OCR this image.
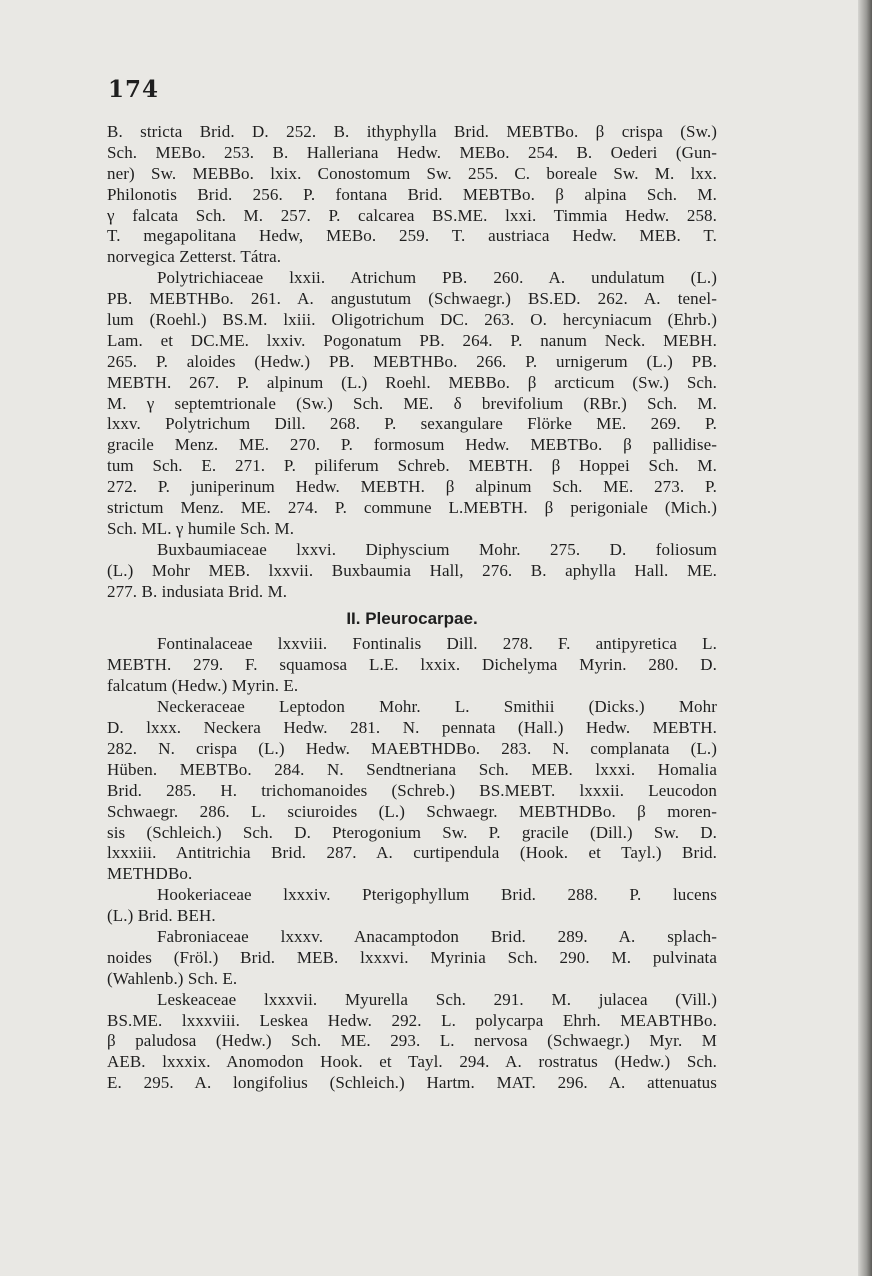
174
B. stricta Brid. D. 252. B. ithyphylla Brid. MEBTBo. β crispa (Sw.)
Sch. MEBo. 253. B. Halleriana Hedw. MEBo. 254. B. Oederi (Gun-
ner) Sw. MEBBo. lxix. Conostomum Sw. 255. C. boreale Sw. M. lxx.
Philonotis Brid. 256. P. fontana Brid. MEBTBo. β alpina Sch. M.
γ falcata Sch. M. 257. P. calcarea BS.ME. lxxi. Timmia Hedw. 258.
T. megapolitana Hedw, MEBo. 259. T. austriaca Hedw. MEB. T.
norvegica Zetterst. Tátra.
Polytrichiaceae lxxii. Atrichum PB. 260. A. undulatum (L.)
PB. MEBTHBo. 261. A. angustutum (Schwaegr.) BS.ED. 262. A. tenel-
lum (Roehl.) BS.M. lxiii. Oligotrichum DC. 263. O. hercyniacum (Ehrb.)
Lam. et DC.ME. lxxiv. Pogonatum PB. 264. P. nanum Neck. MEBH.
265. P. aloides (Hedw.) PB. MEBTHBo. 266. P. urnigerum (L.) PB.
MEBTH. 267. P. alpinum (L.) Roehl. MEBBo. β arcticum (Sw.) Sch.
M. γ septemtrionale (Sw.) Sch. ME. δ brevifolium (RBr.) Sch. M.
lxxv. Polytrichum Dill. 268. P. sexangulare Flörke ME. 269. P.
gracile Menz. ME. 270. P. formosum Hedw. MEBTBo. β pallidise-
tum Sch. E. 271. P. piliferum Schreb. MEBTH. β Hoppei Sch. M.
272. P. juniperinum Hedw. MEBTH. β alpinum Sch. ME. 273. P.
strictum Menz. ME. 274. P. commune L.MEBTH. β perigoniale (Mich.)
Sch. ML. γ humile Sch. M.
Buxbaumiaceae lxxvi. Diphyscium Mohr. 275. D. foliosum
(L.) Mohr MEB. lxxvii. Buxbaumia Hall, 276. B. aphylla Hall. ME.
277. B. indusiata Brid. M.
II. Pleurocarpae.
Fontinalaceae lxxviii. Fontinalis Dill. 278. F. antipyretica L.
MEBTH. 279. F. squamosa L.E. lxxix. Dichelyma Myrin. 280. D.
falcatum (Hedw.) Myrin. E.
Neckeraceae Leptodon Mohr. L. Smithii (Dicks.) Mohr
D. lxxx. Neckera Hedw. 281. N. pennata (Hall.) Hedw. MEBTH.
282. N. crispa (L.) Hedw. MAEBTHDBo. 283. N. complanata (L.)
Hüben. MEBTBo. 284. N. Sendtneriana Sch. MEB. lxxxi. Homalia
Brid. 285. H. trichomanoides (Schreb.) BS.MEBT. lxxxii. Leucodon
Schwaegr. 286. L. sciuroides (L.) Schwaegr. MEBTHDBo. β moren-
sis (Schleich.) Sch. D. Pterogonium Sw. P. gracile (Dill.) Sw. D.
lxxxiii. Antitrichia Brid. 287. A. curtipendula (Hook. et Tayl.) Brid.
METHDBo.
Hookeriaceae lxxxiv. Pterigophyllum Brid. 288. P. lucens
(L.) Brid. BEH.
Fabroniaceae lxxxv. Anacamptodon Brid. 289. A. splach-
noides (Fröl.) Brid. MEB. lxxxvi. Myrinia Sch. 290. M. pulvinata
(Wahlenb.) Sch. E.
Leskeaceae lxxxvii. Myurella Sch. 291. M. julacea (Vill.)
BS.ME. lxxxviii. Leskea Hedw. 292. L. polycarpa Ehrh. MEABTHBo.
β paludosa (Hedw.) Sch. ME. 293. L. nervosa (Schwaegr.) Myr. M
AEB. lxxxix. Anomodon Hook. et Tayl. 294. A. rostratus (Hedw.) Sch.
E. 295. A. longifolius (Schleich.) Hartm. MAT. 296. A. attenuatus
